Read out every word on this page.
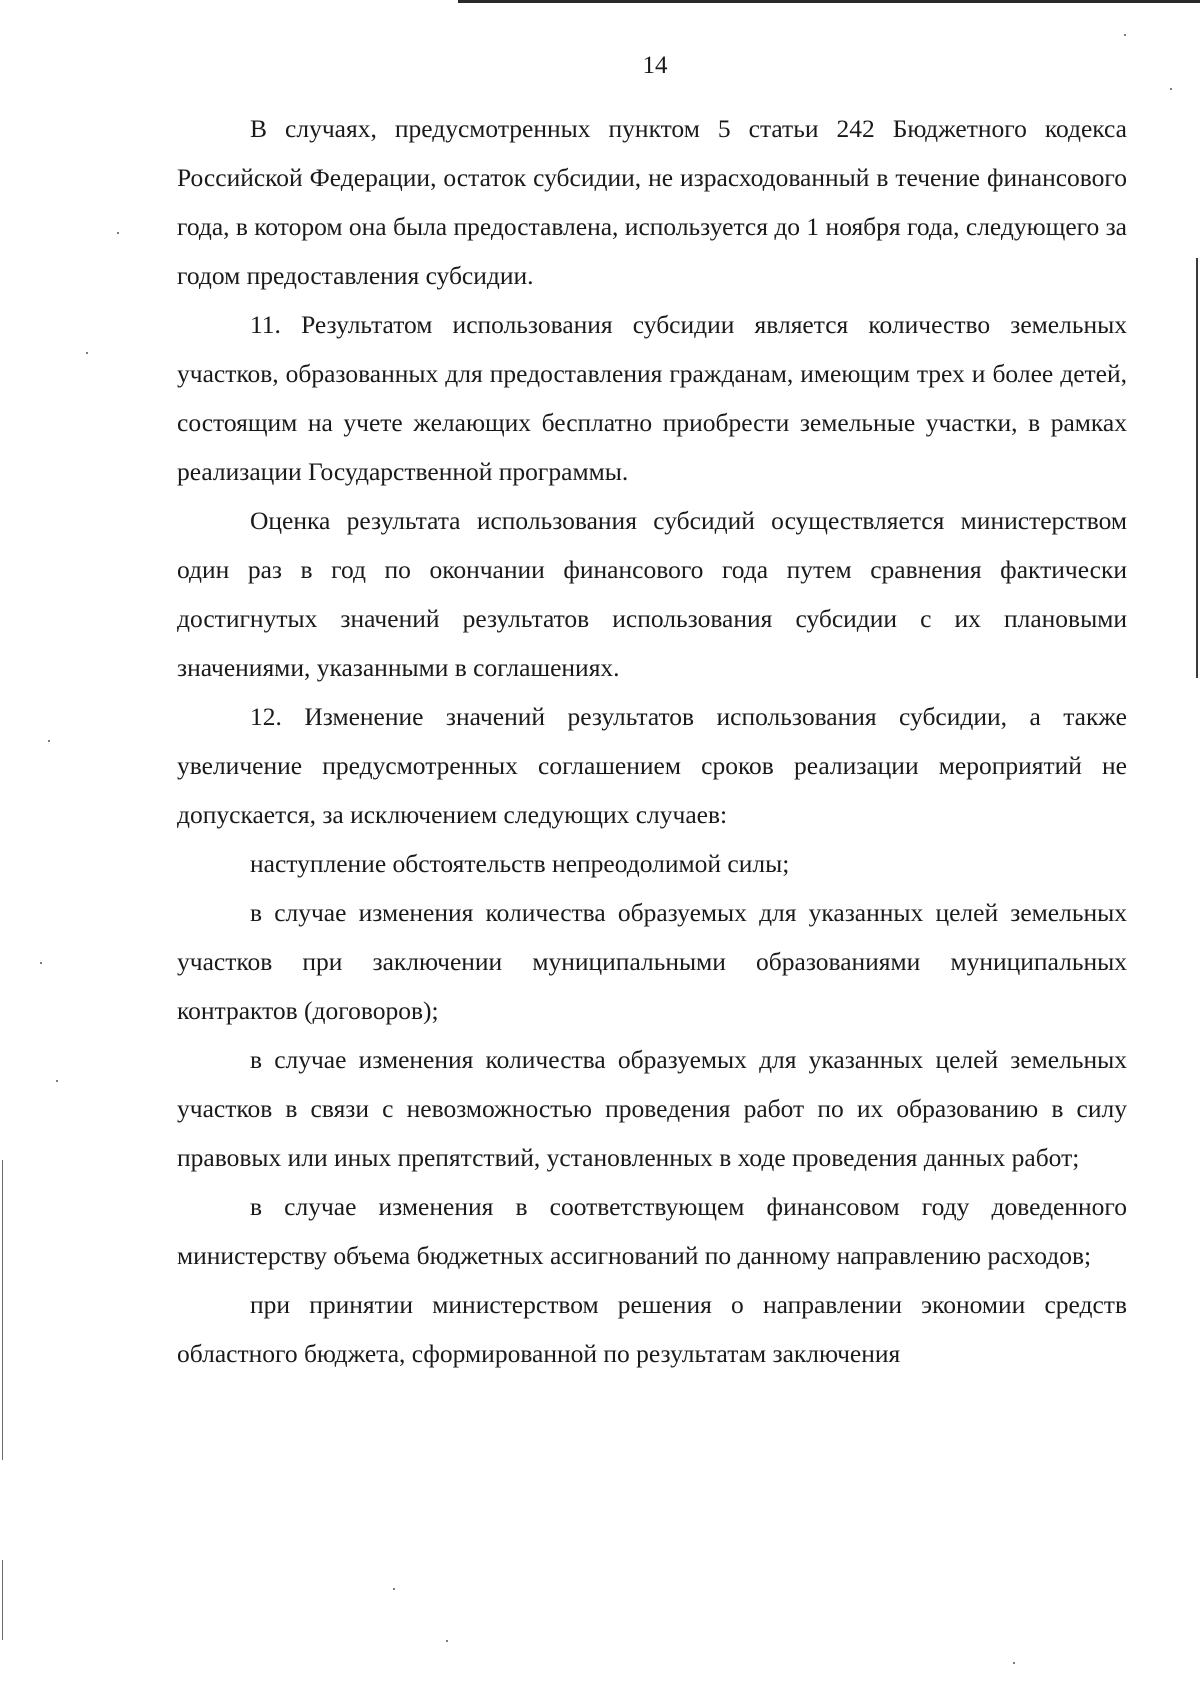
14

В случаях, предусмотренных пунктом 5 статьи 242 Бюджетного кодекса Российской Федерации, остаток субсидии, не израсходованный в течение финансового года, в котором она была предоставлена, используется до 1 ноября года, следующего за годом предоставления субсидии.

11. Результатом использования субсидии является количество земельных участков, образованных для предоставления гражданам, имеющим трех и более детей, состоящим на учете желающих бесплатно приобрести земельные участки, в рамках реализации Государственной программы.

Оценка результата использования субсидий осуществляется министерством один раз в год по окончании финансового года путем сравнения фактически достигнутых значений результатов использования субсидии с их плановыми значениями, указанными в соглашениях.

12. Изменение значений результатов использования субсидии, а также увеличение предусмотренных соглашением сроков реализации мероприятий не допускается, за исключением следующих случаев:

наступление обстоятельств непреодолимой силы;

в случае изменения количества образуемых для указанных целей земельных участков при заключении муниципальными образованиями муниципальных контрактов (договоров);

в случае изменения количества образуемых для указанных целей земельных участков в связи с невозможностью проведения работ по их образованию в силу правовых или иных препятствий, установленных в ходе проведения данных работ;

в случае изменения в соответствующем финансовом году доведенного министерству объема бюджетных ассигнований по данному направлению расходов;

при принятии министерством решения о направлении экономии средств областного бюджета, сформированной по результатам заключения
